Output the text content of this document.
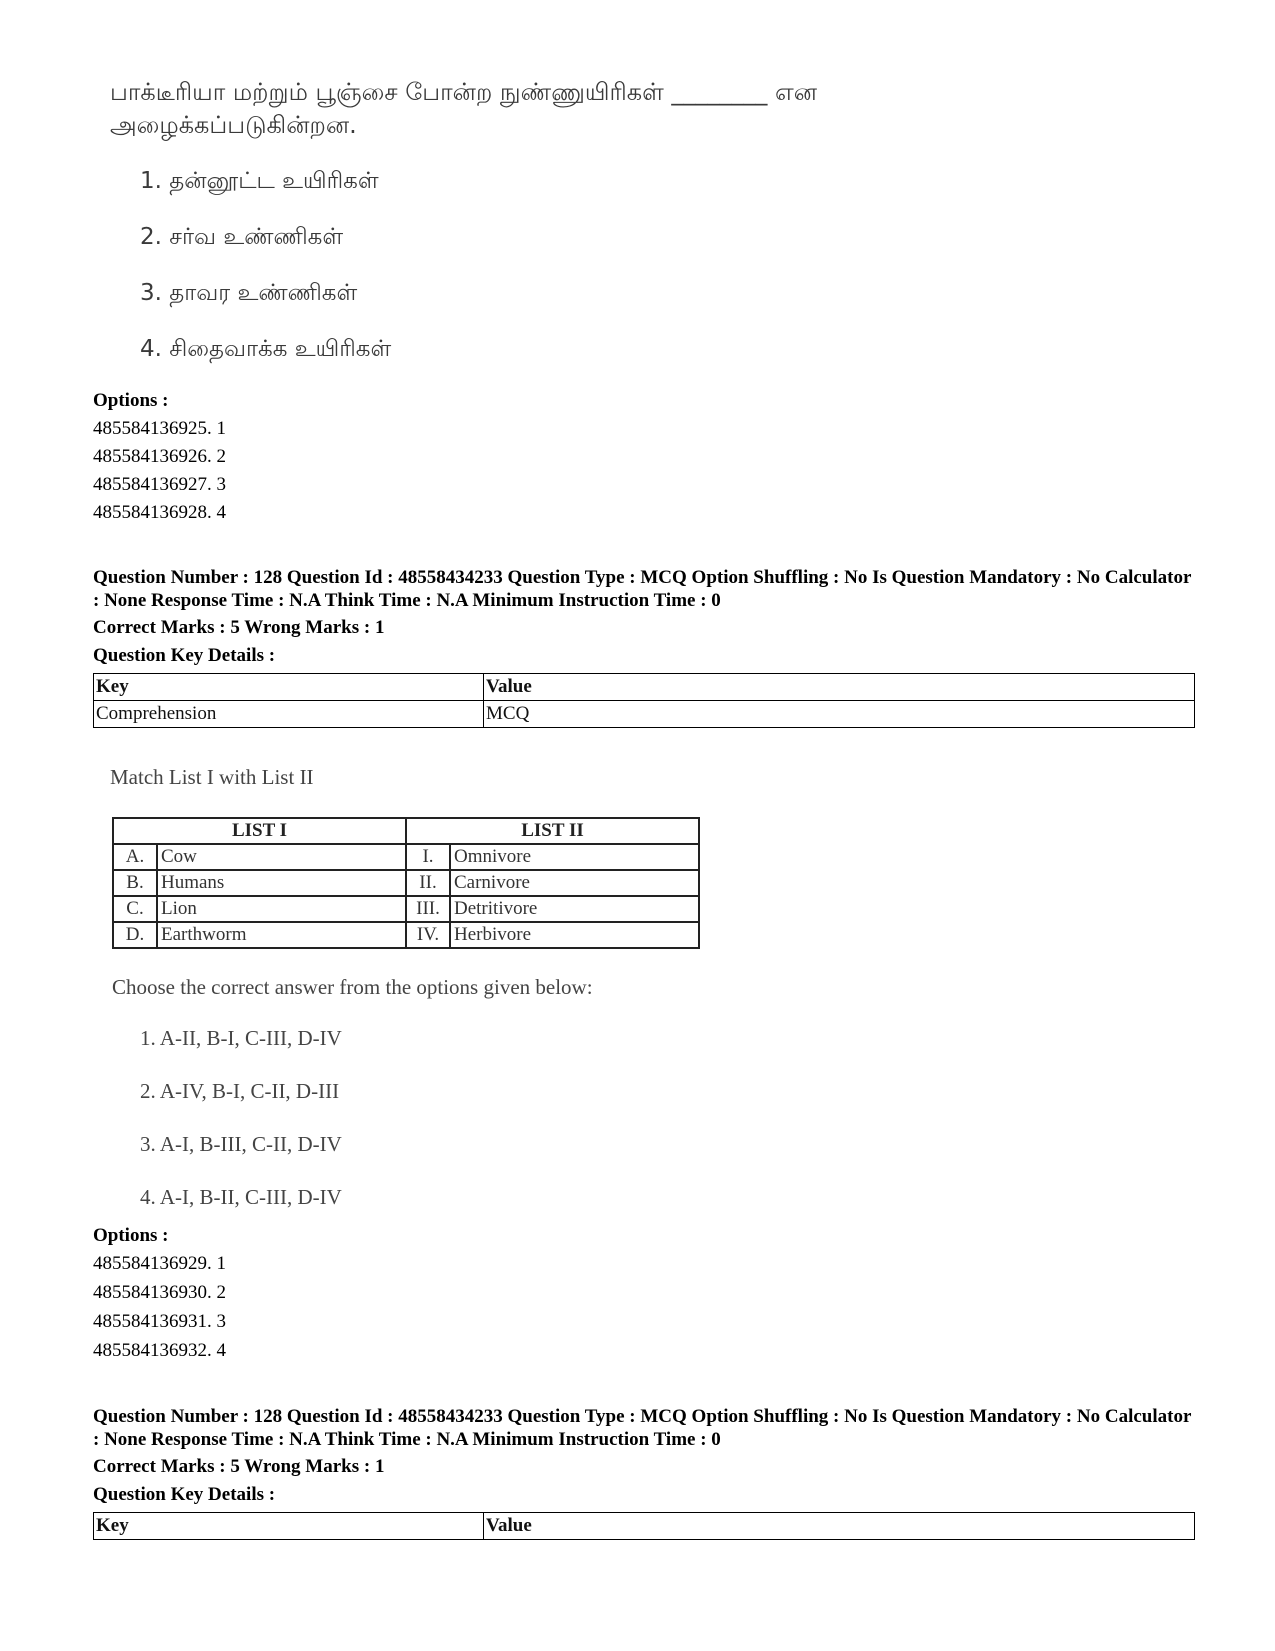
பாக்டீரியா மற்றும் பூஞ்சை போன்ற நுண்ணுயிரிகள் ________ என அழைக்கப்படுகின்றன.
1. தன்னூட்ட உயிரிகள்
2. சர்வ உண்ணிகள்
3. தாவர உண்ணிகள்
4. சிதைவாக்க உயிரிகள்
Options :
485584136925. 1
485584136926. 2
485584136927. 3
485584136928. 4
Question Number : 128 Question Id : 48558434233 Question Type : MCQ Option Shuffling : No Is Question Mandatory : No Calculator : None Response Time : N.A Think Time : N.A Minimum Instruction Time : 0
Correct Marks : 5 Wrong Marks : 1
Question Key Details :
Key	Value
Comprehension	MCQ
Match List I with List II
LIST I		LIST II	
A.	Cow	I.	Omnivore
B.	Humans	II.	Carnivore
C.	Lion	III.	Detritivore
D.	Earthworm	IV.	Herbivore
Choose the correct answer from the options given below:
1. A-II, B-I, C-III, D-IV
2. A-IV, B-I, C-II, D-III
3. A-I, B-III, C-II, D-IV
4. A-I, B-II, C-III, D-IV
Options :
485584136929. 1
485584136930. 2
485584136931. 3
485584136932. 4
Question Number : 128 Question Id : 48558434233 Question Type : MCQ Option Shuffling : No Is Question Mandatory : No Calculator : None Response Time : N.A Think Time : N.A Minimum Instruction Time : 0
Correct Marks : 5 Wrong Marks : 1
Question Key Details :
Key	Value
